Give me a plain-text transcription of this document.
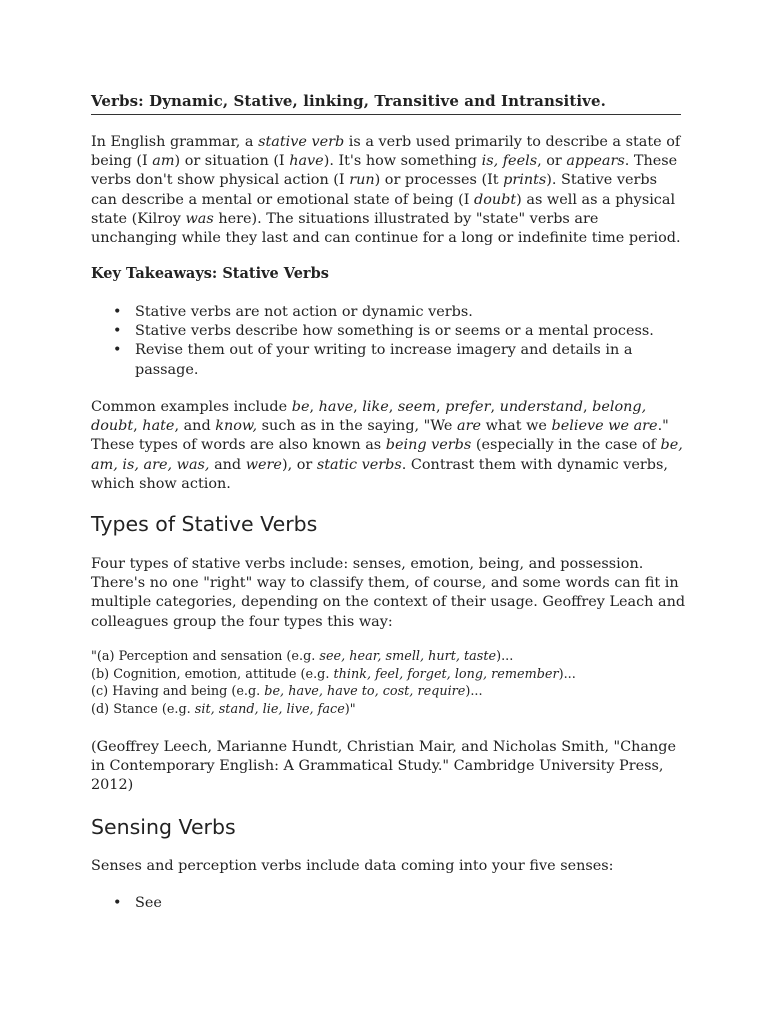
Verbs: Dynamic, Stative, linking, Transitive and Intransitive.

In English grammar, a stative verb is a verb used primarily to describe a state of being (I am) or situation (I have). It's how something is, feels, or appears. These verbs don't show physical action (I run) or processes (It prints). Stative verbs can describe a mental or emotional state of being (I doubt) as well as a physical state (Kilroy was here). The situations illustrated by "state" verbs are unchanging while they last and can continue for a long or indefinite time period.

Key Takeaways: Stative Verbs
• Stative verbs are not action or dynamic verbs.
• Stative verbs describe how something is or seems or a mental process.
• Revise them out of your writing to increase imagery and details in a passage.

Common examples include be, have, like, seem, prefer, understand, belong, doubt, hate, and know, such as in the saying, "We are what we believe we are." These types of words are also known as being verbs (especially in the case of be, am, is, are, was, and were), or static verbs. Contrast them with dynamic verbs, which show action.

Types of Stative Verbs

Four types of stative verbs include: senses, emotion, being, and possession. There's no one "right" way to classify them, of course, and some words can fit in multiple categories, depending on the context of their usage. Geoffrey Leach and colleagues group the four types this way:

"(a) Perception and sensation (e.g. see, hear, smell, hurt, taste)...
(b) Cognition, emotion, attitude (e.g. think, feel, forget, long, remember)...
(c) Having and being (e.g. be, have, have to, cost, require)...
(d) Stance (e.g. sit, stand, lie, live, face)"

(Geoffrey Leech, Marianne Hundt, Christian Mair, and Nicholas Smith, "Change in Contemporary English: A Grammatical Study." Cambridge University Press, 2012)

Sensing Verbs

Senses and perception verbs include data coming into your five senses:

• See
